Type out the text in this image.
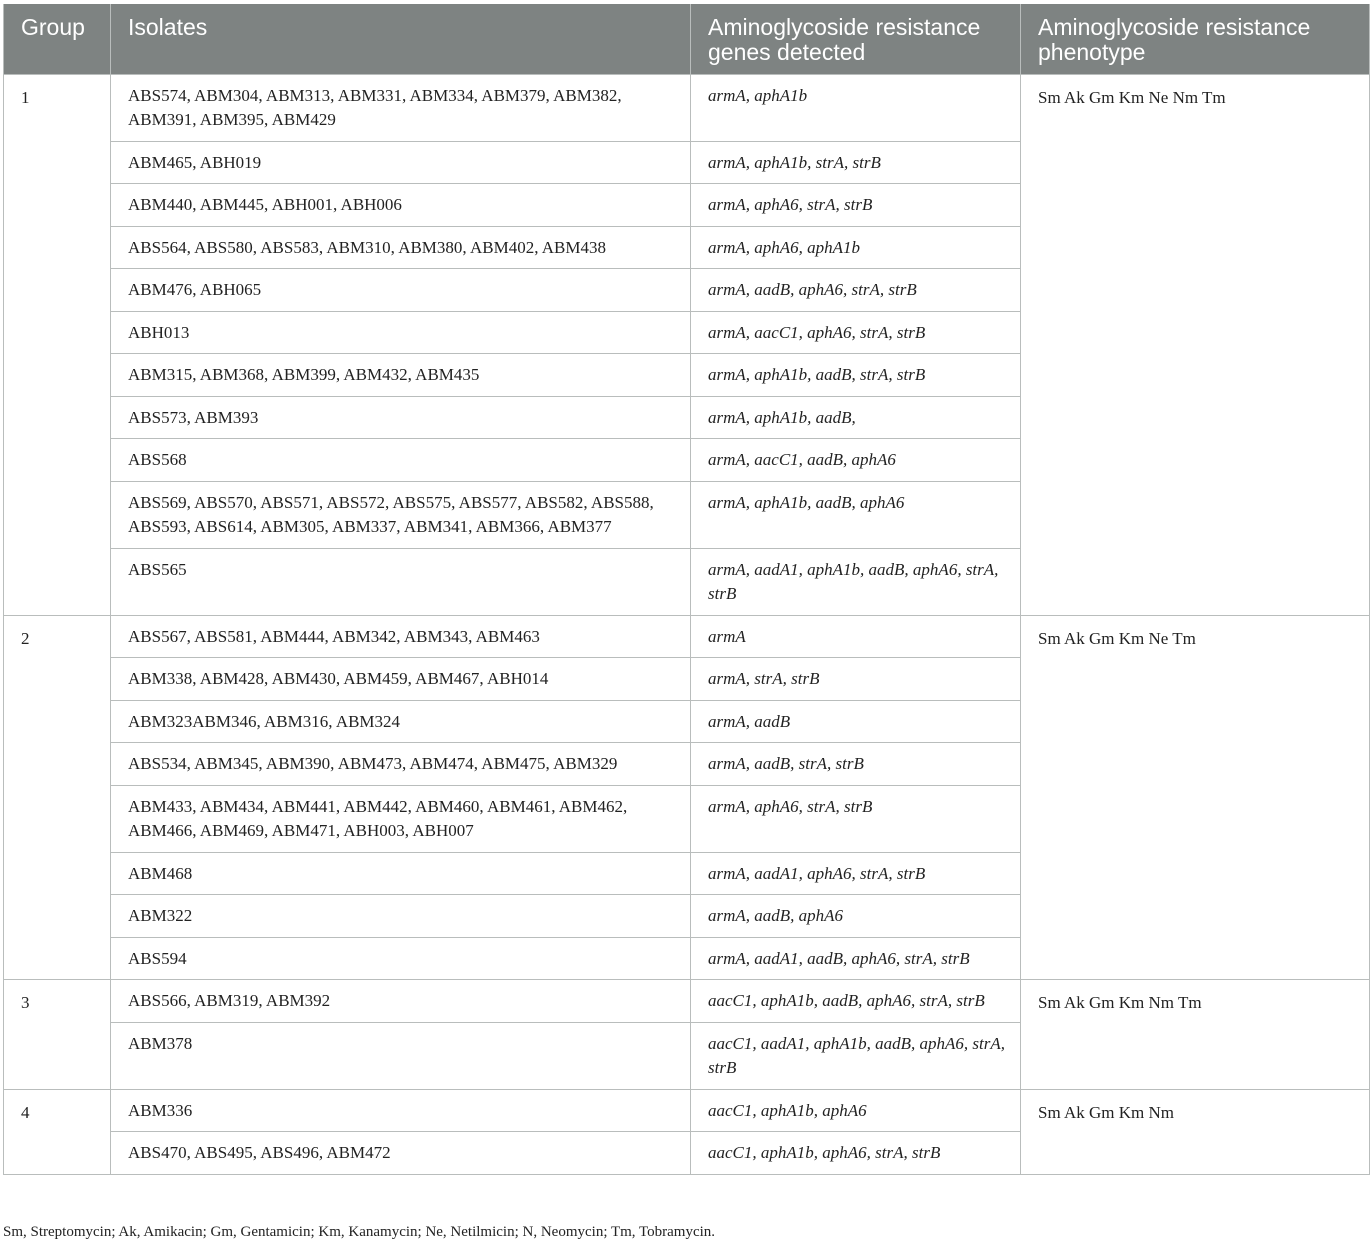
Group	Isolates	Aminoglycoside resistance genes detected	Aminoglycoside resistance phenotype
1	ABS574, ABM304, ABM313, ABM331, ABM334, ABM379, ABM382, ABM391, ABM395, ABM429	armA, aphA1b	Sm Ak Gm Km Ne Nm Tm
	ABM465, ABH019	armA, aphA1b, strA, strB	
	ABM440, ABM445, ABH001, ABH006	armA, aphA6, strA, strB	
	ABS564, ABS580, ABS583, ABM310, ABM380, ABM402, ABM438	armA, aphA6, aphA1b	
	ABM476, ABH065	armA, aadB, aphA6, strA, strB	
	ABH013	armA, aacC1, aphA6, strA, strB	
	ABM315, ABM368, ABM399, ABM432, ABM435	armA, aphA1b, aadB, strA, strB	
	ABS573, ABM393	armA, aphA1b, aadB,	
	ABS568	armA, aacC1, aadB, aphA6	
	ABS569, ABS570, ABS571, ABS572, ABS575, ABS577, ABS582, ABS588, ABS593, ABS614, ABM305, ABM337, ABM341, ABM366, ABM377	armA, aphA1b, aadB, aphA6	
	ABS565	armA, aadA1, aphA1b, aadB, aphA6, strA, strB	
2	ABS567, ABS581, ABM444, ABM342, ABM343, ABM463	armA	Sm Ak Gm Km Ne Tm
	ABM338, ABM428, ABM430, ABM459, ABM467, ABH014	armA, strA, strB	
	ABM323ABM346, ABM316, ABM324	armA, aadB	
	ABS534, ABM345, ABM390, ABM473, ABM474, ABM475, ABM329	armA, aadB, strA, strB	
	ABM433, ABM434, ABM441, ABM442, ABM460, ABM461, ABM462, ABM466, ABM469, ABM471, ABH003, ABH007	armA, aphA6, strA, strB	
	ABM468	armA, aadA1, aphA6, strA, strB	
	ABM322	armA, aadB, aphA6	
	ABS594	armA, aadA1, aadB, aphA6, strA, strB	
3	ABS566, ABM319, ABM392	aacC1, aphA1b, aadB, aphA6, strA, strB	Sm Ak Gm Km Nm Tm
	ABM378	aacC1, aadA1, aphA1b, aadB, aphA6, strA, strB	
4	ABM336	aacC1, aphA1b, aphA6	Sm Ak Gm Km Nm
	ABS470, ABS495, ABS496, ABM472	aacC1, aphA1b, aphA6, strA, strB	
Sm, Streptomycin; Ak, Amikacin; Gm, Gentamicin; Km, Kanamycin; Ne, Netilmicin; N, Neomycin; Tm, Tobramycin.
